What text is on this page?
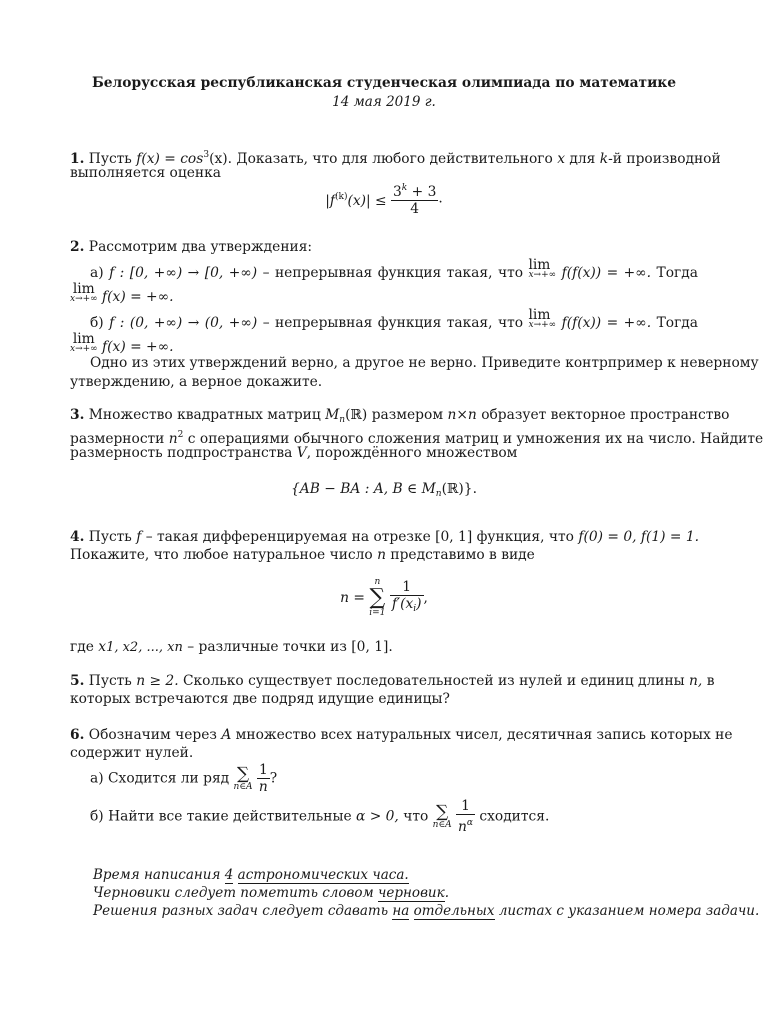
Белорусская республиканская студенческая олимпиада по математике
14 мая 2019 г.
1. Пусть $f(x) = \cos^3(x)$. Доказать, что для любого действительного x для k-й производной
выполняется оценка
$|f^{(k)}(x)| \le \frac{3^k + 3}{4}$ .
2. Рассмотрим два утверждения:
а) f : [0, +∞) → [0, +∞) – непрерывная функция такая, что lim
x→+∞ f(f(x)) = +∞. Тогда
lim
x→+∞ f(x) = +∞.
б) f : (0, +∞) → (0, +∞) – непрерывная функция такая, что lim
x→+∞ f(f(x)) = +∞. Тогда
lim
x→+∞ f(x) = +∞.
Одно из этих утверждений верно, а другое не верно. Приведите контрпример к неверному
утверждению, а верное докажите.
3. Множество квадратных матриц $M_n(ℝ)$ размером n×n образует векторное пространство
размерности $n^2$ с операциями обычного сложения матриц и умножения их на число. Найдите
размерность подпространства V, порождённого множеством
{AB − BA : A, B ∈ $M_n(ℝ)$}.
4. Пусть f – такая дифференцируемая на отрезке [0, 1] функция, что f(0) = 0, f(1) = 1.
Покажите, что любое натуральное число n представимо в виде
n =
n
∑
i=1
$\frac{1}{f'(x_i)}$ ,
где x1, x2, ..., xn – различные точки из [0, 1].
5. Пусть n ≥ 2. Сколько существует последовательностей из нулей и единиц длины n, в
которых встречаются две подряд идущие единицы?
6. Обозначим через A множество всех натуральных чисел, десятичная запись которых не
содержит нулей.
а) Сходится ли ряд ∑
n∈A
$\frac{1}{n}$ ?
б) Найти все такие действительные α > 0, что ∑
n∈A
$\frac{1}{n^\alpha}$ сходится.
Время написания 4 астрономических часа.
Черновики следует пометить словом черновик.
Решения разных задач следует сдавать на отдельных листах с указанием номера задачи.
